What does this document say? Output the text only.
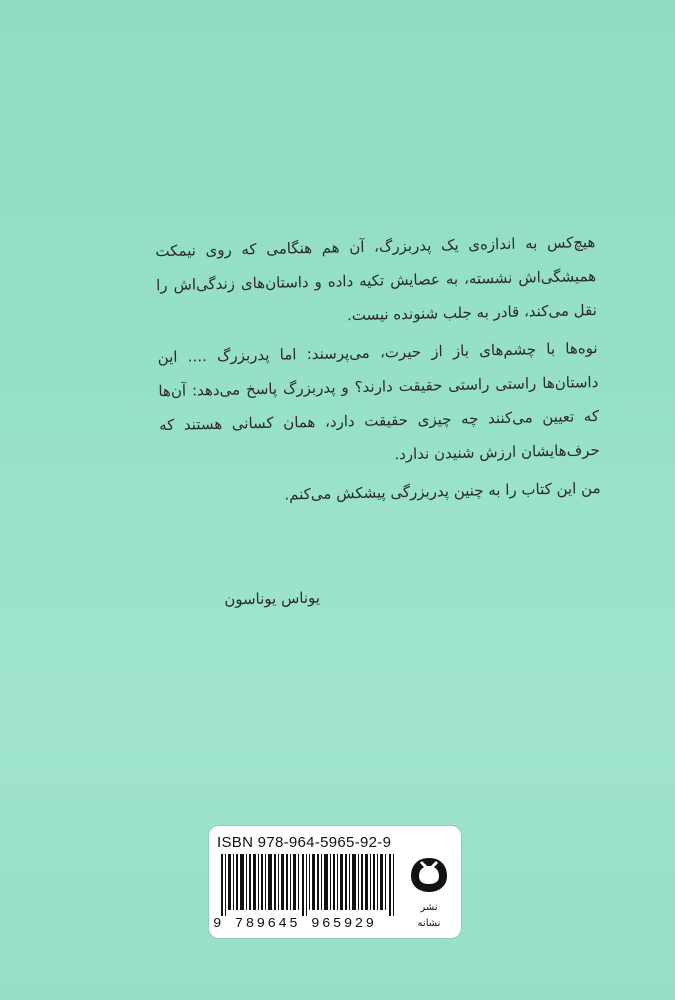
هیچ‌کس به اندازه‌ی یک پدربزرگ، آن هم هنگامی که روی نیمکت همیشگی‌اش نشسته، به عصایش تکیه داده و داستان‌های زندگی‌اش را نقل می‌کند، قادر به جلب شنونده نیست.

نوه‌ها با چشم‌های باز از حیرت، می‌پرسند: اما پدربزرگ .... این داستان‌ها راستی راستی حقیقت دارند؟ و پدربزرگ پاسخ می‌دهد: آن‌ها که تعیین می‌کنند چه چیزی حقیقت دارد، همان کسانی هستند که حرف‌هایشان ارزش شنیدن ندارد.

من این کتاب را به چنین پدربزرگی پیشکش می‌کنم.

یوناس یوناسون
ISBN 978-964-5965-92-9
9 789645 965929
نشر
نشانه
